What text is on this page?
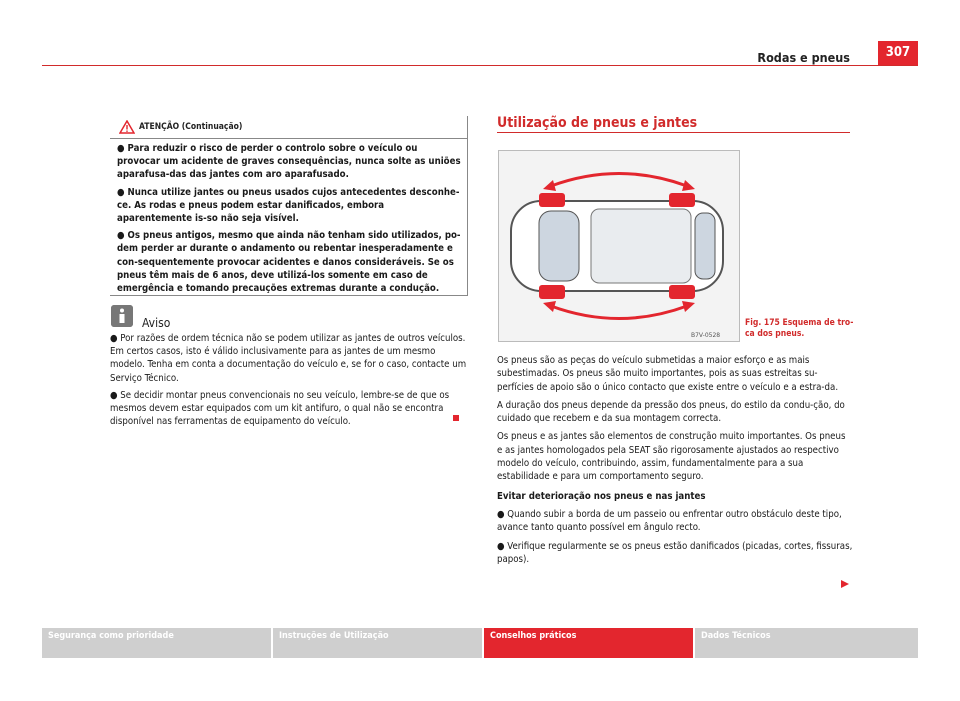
Rodas e pneus	307
ATENÇÃO (Continuação)

● Para reduzir o risco de perder o controlo sobre o veículo ou provocar um acidente de graves consequências, nunca solte as uniões aparafusa-das das jantes com aro aparafusado.

● Nunca utilize jantes ou pneus usados cujos antecedentes desconhe-ce. As rodas e pneus podem estar danificados, embora aparentemente is-so não seja visível.

● Os pneus antigos, mesmo que ainda não tenham sido utilizados, po-dem perder ar durante o andamento ou rebentar inesperadamente e con-sequentemente provocar acidentes e danos consideráveis. Se os pneus têm mais de 6 anos, deve utilizá-los somente em caso de emergência e tomando precauções extremas durante a condução.

Aviso

● Por razões de ordem técnica não se podem utilizar as jantes de outros veículos. Em certos casos, isto é válido inclusivamente para as jantes de um mesmo modelo. Tenha em conta a documentação do veículo e, se for o caso, contacte um Serviço Técnico.

● Se decidir montar pneus convencionais no seu veículo, lembre-se de que os mesmos devem estar equipados com um kit antifuro, o qual não se encontra disponível nas ferramentas de equipamento do veículo.

Utilização de pneus e jantes
B7V-0528
Fig. 175 Esquema de tro-ca dos pneus.

Os pneus são as peças do veículo submetidas a maior esforço e as mais subestimadas. Os pneus são muito importantes, pois as suas estreitas su-perfícies de apoio são o único contacto que existe entre o veículo e a estra-da.

A duração dos pneus depende da pressão dos pneus, do estilo da condu-ção, do cuidado que recebem e da sua montagem correcta.

Os pneus e as jantes são elementos de construção muito importantes. Os pneus e as jantes homologados pela SEAT são rigorosamente ajustados ao respectivo modelo do veículo, contribuindo, assim, fundamentalmente para a sua estabilidade e para um comportamento seguro.

Evitar deterioração nos pneus e nas jantes

● Quando subir a borda de um passeio ou enfrentar outro obstáculo deste tipo, avance tanto quanto possível em ângulo recto.

● Verifique regularmente se os pneus estão danificados (picadas, cortes, fissuras, papos).

Segurança como prioridade	Instruções de Utilização	Conselhos práticos	Dados Técnicos
